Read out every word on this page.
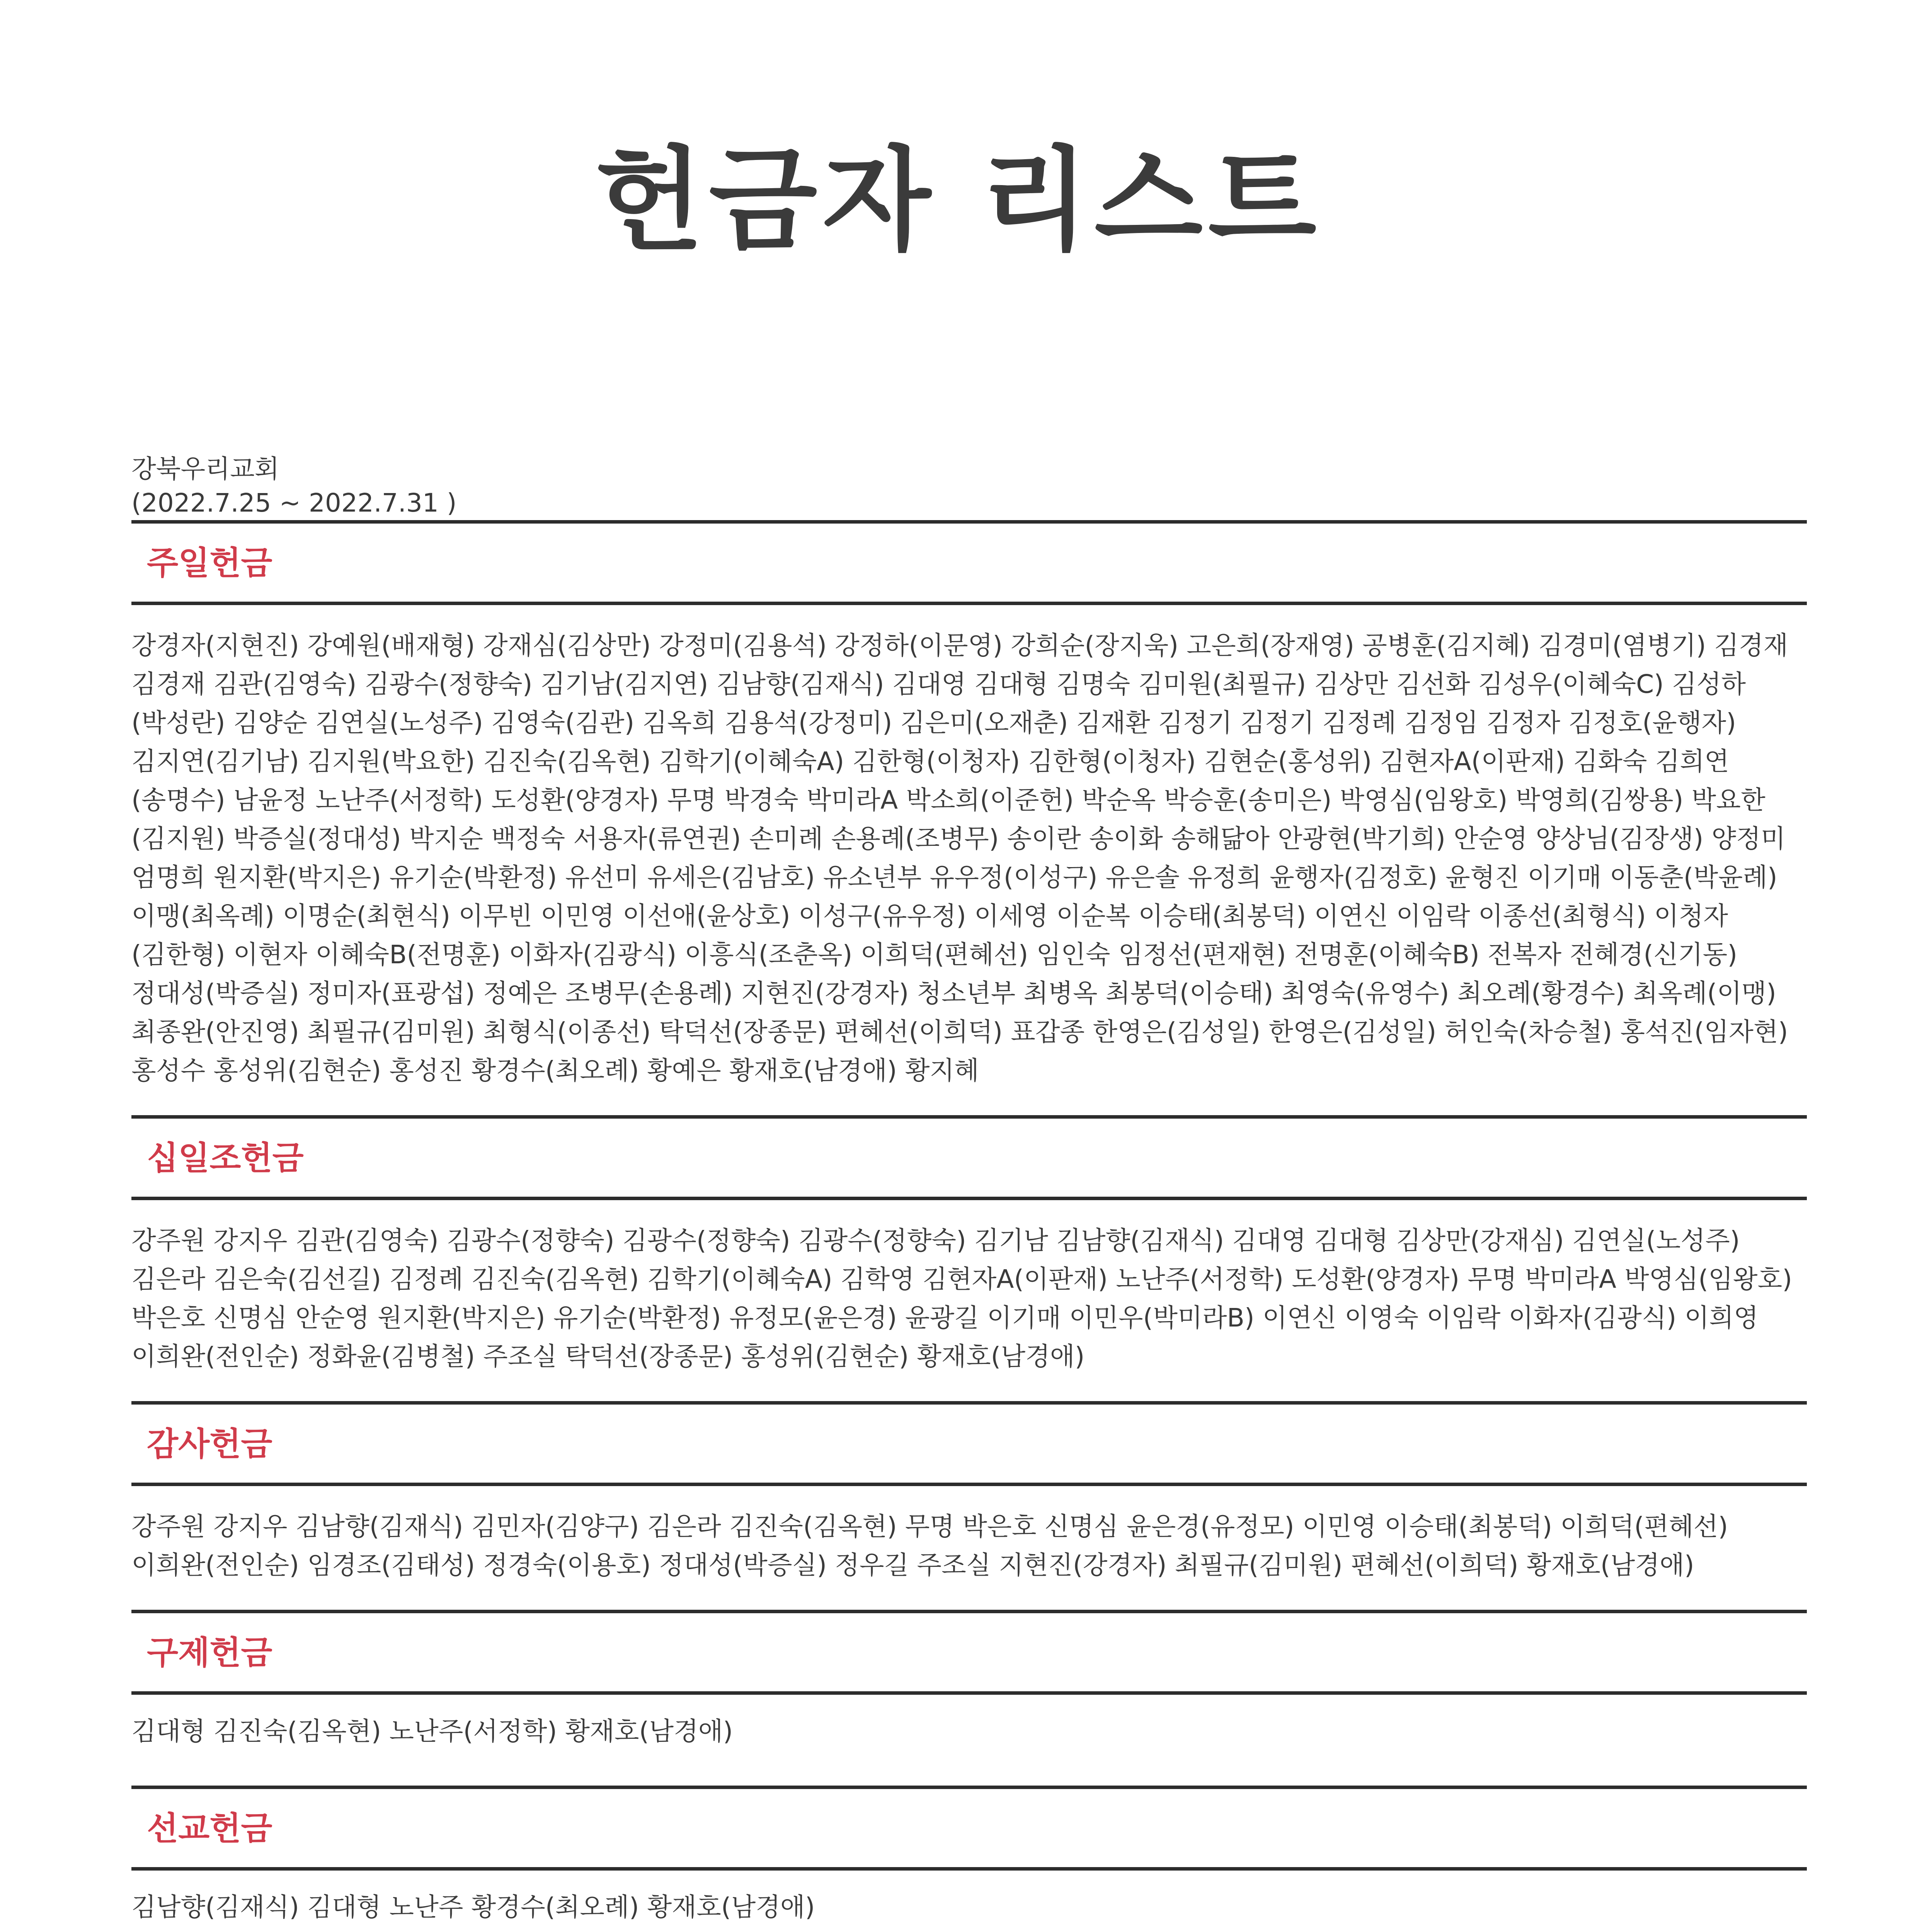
헌금자 리스트
강북우리교회
(2022.7.25 ~ 2022.7.31 )
주일헌금
강경자(지현진) 강예원(배재형) 강재심(김상만) 강정미(김용석) 강정하(이문영) 강희순(장지욱) 고은희(장재영) 공병훈(김지혜) 김경미(염병기) 김경재 김경재 김관(김영숙) 김광수(정향숙) 김기남(김지연) 김남향(김재식) 김대영 김대형 김명숙 김미원(최필규) 김상만 김선화 김성우(이혜숙C) 김성하(박성란) 김양순 김연실(노성주) 김영숙(김관) 김옥희 김용석(강정미) 김은미(오재춘) 김재환 김정기 김정기 김정례 김정임 김정자 김정호(윤행자) 김지연(김기남) 김지원(박요한) 김진숙(김옥현) 김학기(이혜숙A) 김한형(이청자) 김한형(이청자) 김현순(홍성위) 김현자A(이판재) 김화숙 김희연(송명수) 남윤정 노난주(서정학) 도성환(양경자) 무명 박경숙 박미라A 박소희(이준헌) 박순옥 박승훈(송미은) 박영심(임왕호) 박영희(김쌍용) 박요한(김지원) 박증실(정대성) 박지순 백정숙 서용자(류연권) 손미례 손용례(조병무) 송이란 송이화 송해닮아 안광현(박기희) 안순영 양상님(김장생) 양정미 엄명희 원지환(박지은) 유기순(박환정) 유선미 유세은(김남호) 유소년부 유우정(이성구) 유은솔 유정희 윤행자(김정호) 윤형진 이기매 이동춘(박윤례) 이맹(최옥례) 이명순(최현식) 이무빈 이민영 이선애(윤상호) 이성구(유우정) 이세영 이순복 이승태(최봉덕) 이연신 이임락 이종선(최형식) 이청자(김한형) 이현자 이혜숙B(전명훈) 이화자(김광식) 이흥식(조춘옥) 이희덕(편혜선) 임인숙 임정선(편재현) 전명훈(이혜숙B) 전복자 전혜경(신기동) 정대성(박증실) 정미자(표광섭) 정예은 조병무(손용례) 지현진(강경자) 청소년부 최병옥 최봉덕(이승태) 최영숙(유영수) 최오례(황경수) 최옥례(이맹) 최종완(안진영) 최필규(김미원) 최형식(이종선) 탁덕선(장종문) 편혜선(이희덕) 표갑종 한영은(김성일) 한영은(김성일) 허인숙(차승철) 홍석진(임자현) 홍성수 홍성위(김현순) 홍성진 황경수(최오례) 황예은 황재호(남경애) 황지혜
십일조헌금
강주원 강지우 김관(김영숙) 김광수(정향숙) 김광수(정향숙) 김광수(정향숙) 김기남 김남향(김재식) 김대영 김대형 김상만(강재심) 김연실(노성주) 김은라 김은숙(김선길) 김정례 김진숙(김옥현) 김학기(이혜숙A) 김학영 김현자A(이판재) 노난주(서정학) 도성환(양경자) 무명 박미라A 박영심(임왕호) 박은호 신명심 안순영 원지환(박지은) 유기순(박환정) 유정모(윤은경) 윤광길 이기매 이민우(박미라B) 이연신 이영숙 이임락 이화자(김광식) 이희영 이희완(전인순) 정화윤(김병철) 주조실 탁덕선(장종문) 홍성위(김현순) 황재호(남경애)
감사헌금
강주원 강지우 김남향(김재식) 김민자(김양구) 김은라 김진숙(김옥현) 무명 박은호 신명심 윤은경(유정모) 이민영 이승태(최봉덕) 이희덕(편혜선) 이희완(전인순) 임경조(김태성) 정경숙(이용호) 정대성(박증실) 정우길 주조실 지현진(강경자) 최필규(김미원) 편혜선(이희덕) 황재호(남경애)
구제헌금
김대형 김진숙(김옥현) 노난주(서정학) 황재호(남경애)
선교헌금
김남향(김재식) 김대형 노난주 황경수(최오례) 황재호(남경애)
